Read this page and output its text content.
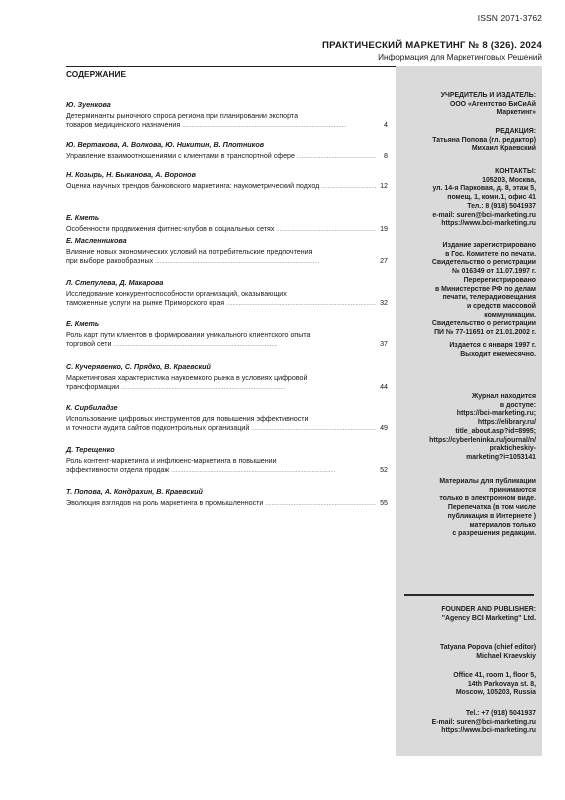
ISSN 2071-3762
ПРАКТИЧЕСКИЙ МАРКЕТИНГ № 8 (326). 2024
Информация для Маркетинговых Решений
СОДЕРЖАНИЕ
Ю. Зуенкова
Детерминанты рыночного спроса региона при планировании экспорта
товаров медицинского назначения . . .	4
Ю. Вертакова, А. Волкова, Ю. Никитин, В. Плотников
Управление взаимоотношениями с клиентами в транспортной сфере . . .	8
Н. Козырь, Н. Быканова, А. Воронов
Оценка научных трендов банковского маркетинга: наукометрический подход . . .	12
Е. Кметь
Особенности продвижения фитнес-клубов в социальных сетях . . .	19
Е. Масленникова
Влияние новых экономических условий на потребительские предпочтения
при выборе ракообразных . . .	27
Л. Степулева, Д. Макарова
Исследование конкурентоспособности организаций, оказывающих
таможенные услуги на рынке Приморского края . . .	32
Е. Кметь
Роль карт пути клиентов в формировании уникального клиентского опыта
торговой сети . . .	37
С. Кучерявенко, С. Прядко, В. Краевский
Маркетинговая характеристика наукоемкого рынка в условиях цифровой
трансформации . . .	44
К. Сирбиладзе
Использование цифровых инструментов для повышения эффективности
и точности аудита сайтов подконтрольных организаций . . .	49
Д. Терещенко
Роль контент-маркетинга и инфлюенс-маркетинга в повышении
эффективности отдела продаж . . .	52
Т. Попова, А. Кондрахин, В. Краевский
Эволюция взглядов на роль маркетинга в промышленности . . .	55
УЧРЕДИТЕЛЬ И ИЗДАТЕЛЬ:
ООО «Агентство БиСиАй
Маркетинг»
РЕДАКЦИЯ:
Татьяна Попова (гл. редактор)
Михаил Краевский
КОНТАКТЫ:
105203, Москва,
ул. 14-я Парковая, д. 8, этаж 5,
помещ. 1, комн.1, офис 41
Тел.: 8 (918) 5041937
e-mail: suren@bci-marketing.ru
https://www.bci-marketing.ru
Издание зарегистрировано
в Гос. Комитете по печати.
Свидетельство о регистрации
№ 016349 от 11.07.1997 г.
Перерегистрировано
в Министерстве РФ по делам
печати, телерадиовещания
и средств массовой
коммуникации.
Свидетельство о регистрации
ПИ № 77-11651 от 21.01.2002 г.
Издается с января 1997 г.
Выходит ежемесячно.
Журнал находится
в доступе:
https://bci-marketing.ru;
https://elibrary.ru/
title_about.asp?id=8995;
https://cyberleninka.ru/journal/n/
prakticheskiy-
marketing?i=1053141
Материалы для публикации
принимаются
только в электронном виде.
Перепечатка (в том числе
публикация в Интернете )
материалов только
с разрешения редакции.
FOUNDER AND PUBLISHER:
"Agency BCI Marketing" Ltd.
Tatyana Popova (chief editor)
Michael Kraevskiy
Office 41, room 1, floor 5,
14th Parkovaya st. 8,
Moscow, 105203, Russia
Tel.: +7 (918) 5041937
E-mail: suren@bci-marketing.ru
https://www.bci-marketing.ru
